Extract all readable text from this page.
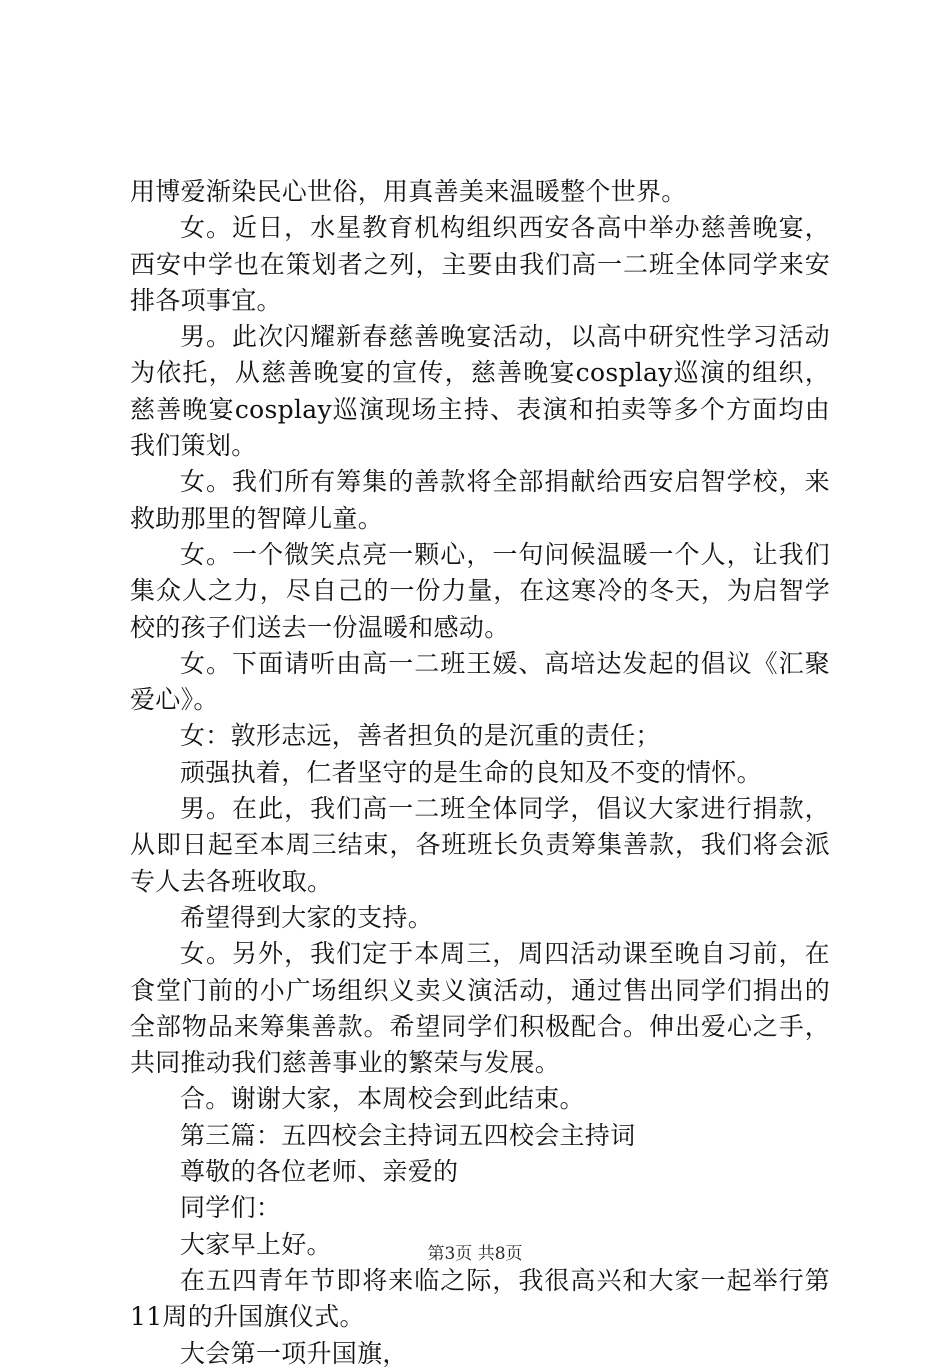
用博爱渐染民心世俗，用真善美来温暖整个世界。

女。近日，水星教育机构组织西安各高中举办慈善晚宴，西安中学也在策划者之列，主要由我们高一二班全体同学来安排各项事宜。

男。此次闪耀新春慈善晚宴活动，以高中研究性学习活动为依托，从慈善晚宴的宣传，慈善晚宴cosplay巡演的组织，慈善晚宴cosplay巡演现场主持、表演和拍卖等多个方面均由我们策划。

女。我们所有筹集的善款将全部捐献给西安启智学校，来救助那里的智障儿童。

女。一个微笑点亮一颗心，一句问候温暖一个人，让我们集众人之力，尽自己的一份力量，在这寒冷的冬天，为启智学校的孩子们送去一份温暖和感动。

女。下面请听由高一二班王媛、高培达发起的倡议《汇聚爱心》。

女：敦形志远，善者担负的是沉重的责任；

顽强执着，仁者坚守的是生命的良知及不变的情怀。

男。在此，我们高一二班全体同学，倡议大家进行捐款，从即日起至本周三结束，各班班长负责筹集善款，我们将会派专人去各班收取。

希望得到大家的支持。

女。另外，我们定于本周三，周四活动课至晚自习前，在食堂门前的小广场组织义卖义演活动，通过售出同学们捐出的全部物品来筹集善款。希望同学们积极配合。伸出爱心之手，共同推动我们慈善事业的繁荣与发展。

合。谢谢大家，本周校会到此结束。

第三篇：五四校会主持词五四校会主持词

尊敬的各位老师、亲爱的

同学们：

大家早上好。

在五四青年节即将来临之际，我很高兴和大家一起举行第11周的升国旗仪式。

大会第一项升国旗，

第3页 共8页
